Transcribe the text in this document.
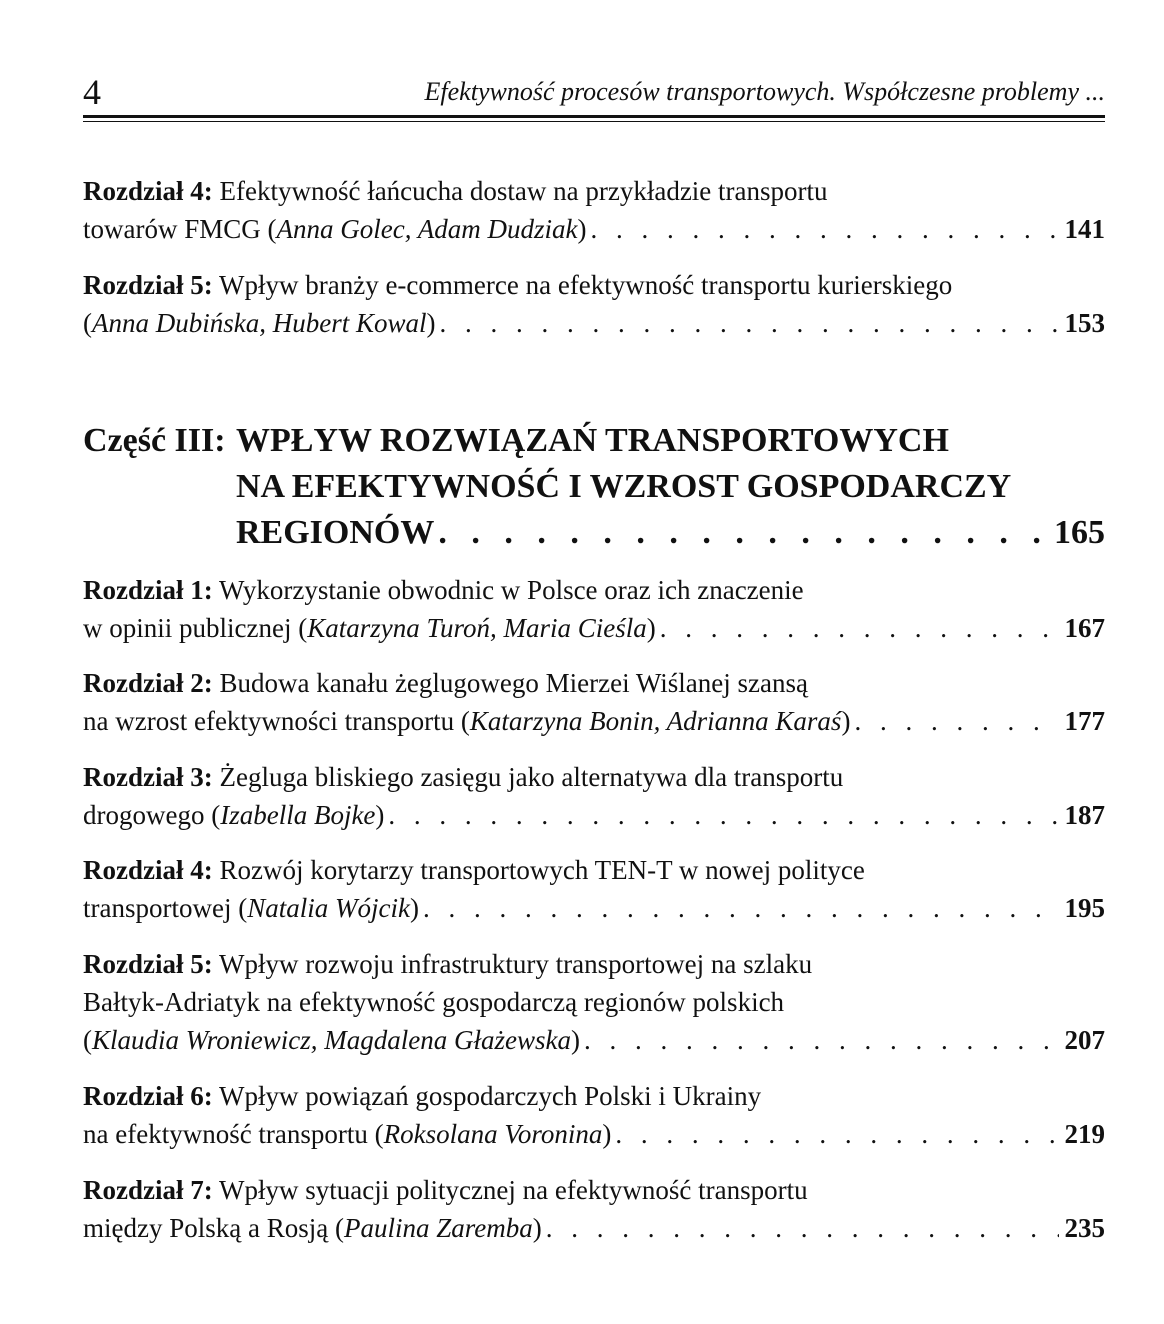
4	Efektywność procesów transportowych. Współczesne problemy ...
Rozdział 4: Efektywność łańcucha dostaw na przykładzie transportu
towarów FMCG (Anna Golec, Adam Dudziak) . . .	141
Rozdział 5: Wpływ branży e-commerce na efektywność transportu kurierskiego
(Anna Dubińska, Hubert Kowal) . . .	153
Część III: WPŁYW ROZWIĄZAŃ TRANSPORTOWYCH
NA EFEKTYWNOŚĆ I WZROST GOSPODARCZY
REGIONÓW . . .	165
Rozdział 1: Wykorzystanie obwodnic w Polsce oraz ich znaczenie
w opinii publicznej (Katarzyna Turoń, Maria Cieśla) . . .	167
Rozdział 2: Budowa kanału żeglugowego Mierzei Wiślanej szansą
na wzrost efektywności transportu (Katarzyna Bonin, Adrianna Karaś) . . .	177
Rozdział 3: Żegluga bliskiego zasięgu jako alternatywa dla transportu
drogowego (Izabella Bojke) . . .	187
Rozdział 4: Rozwój korytarzy transportowych TEN-T w nowej polityce
transportowej (Natalia Wójcik) . . .	195
Rozdział 5: Wpływ rozwoju infrastruktury transportowej na szlaku
Bałtyk-Adriatyk na efektywność gospodarczą regionów polskich
(Klaudia Wroniewicz, Magdalena Głażewska) . . .	207
Rozdział 6: Wpływ powiązań gospodarczych Polski i Ukrainy
na efektywność transportu (Roksolana Voronina) . . .	219
Rozdział 7: Wpływ sytuacji politycznej na efektywność transportu
między Polską a Rosją (Paulina Zaremba) . . .	235
